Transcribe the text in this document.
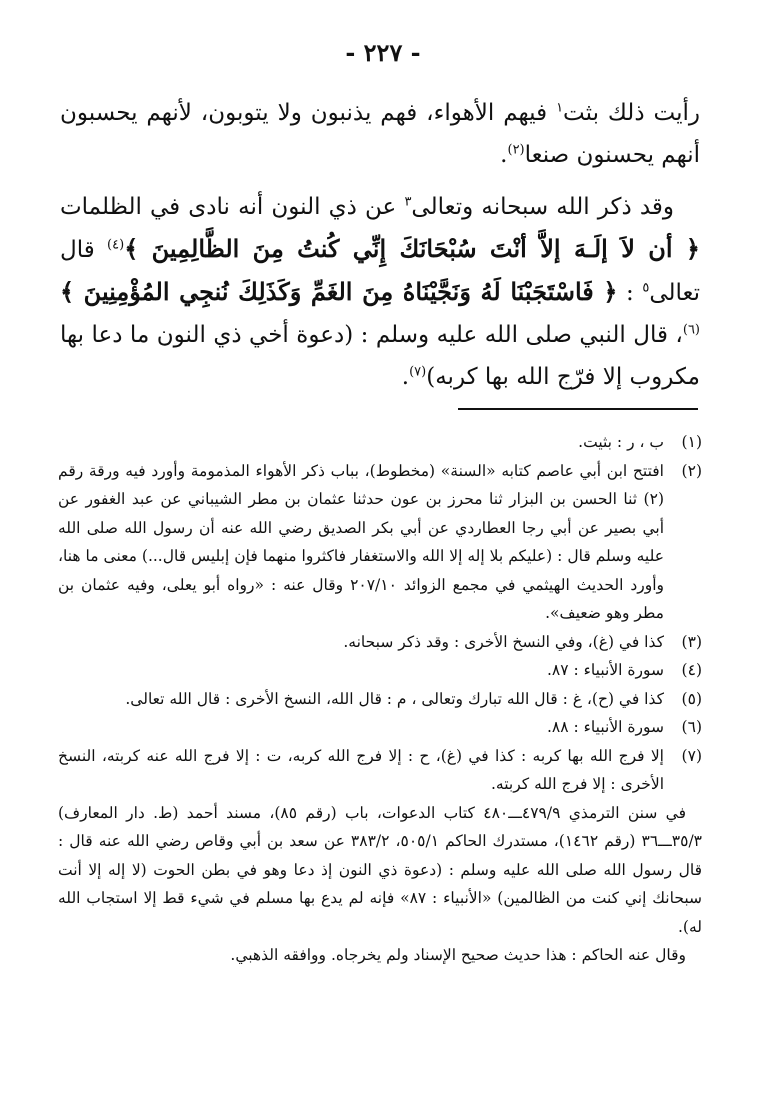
- ٢٢٧ -

رأيت ذلك بثت$^١$ فيهم الأهواء، فهم يذنبون ولا يتوبون، لأنهم يحسبون أنهم يحسنون صنعا$^{(٢)}$.

وقد ذكر الله سبحانه وتعالى$^٣$ عن ذي النون أنه نادى في الظلمات ﴿ أن لاَ إلَـهَ إلاَّ أنْتَ سُبْحَانَكَ إِنِّي كُنتُ مِنَ الظَّالِمِينَ ﴾$^{(٤)}$ قال تعالى$^٥$ : ﴿ فَاسْتَجَبْنَا لَهُ وَنَجَّيْنَاهُ مِنَ الغَمِّ وَكَذَلِكَ نُنجِي المُؤْمِنِينَ ﴾$^{(٦)}$، قال النبي صلى الله عليه وسلم : (دعوة أخي ذي النون ما دعا بها مكروب إلا فرّج الله بها كربه)$^{(٧)}$.

(١)
ب ، ر : بثيت.
(٢)
افتتح ابن أبي عاصم كتابه «السنة» (مخطوط)، بباب ذكر الأهواء المذمومة وأورد فيه ورقة رقم (٢) ثنا الحسن بن البزار ثنا محرز بن عون حدثنا عثمان بن مطر الشيباني عن عبد الغفور عن أبي بصير عن أبي رجا العطاردي عن أبي بكر الصديق رضي الله عنه أن رسول الله صلى الله عليه وسلم قال : (عليكم بلا إله إلا الله والاستغفار فاكثروا منهما فإن إبليس قال...) معنى ما هنا، وأورد الحديث الهيثمي في مجمع الزوائد ٢٠٧/١٠ وقال عنه : «رواه أبو يعلى، وفيه عثمان بن مطر وهو ضعيف».
(٣)
كذا في (غ)، وفي النسخ الأخرى : وقد ذكر سبحانه.
(٤)
سورة الأنبياء : ٨٧.
(٥)
كذا في (ح)، غ : قال الله تبارك وتعالى ، م : قال الله، النسخ الأخرى : قال الله تعالى.
(٦)
سورة الأنبياء : ٨٨.
(٧)
إلا فرج الله بها كربه : كذا في (غ)، ح : إلا فرج الله كربه، ت : إلا فرج الله عنه كربته، النسخ الأخرى : إلا فرج الله كربته.

في سنن الترمذي ٤٧٩/٩ـــ٤٨٠ كتاب الدعوات، باب (رقم ٨٥)، مسند أحمد (ط. دار المعارف) ٣٥/٣ـــ٣٦ (رقم ١٤٦٢)، مستدرك الحاكم ٥٠٥/١، ٣٨٣/٢ عن سعد بن أبي وقاص رضي الله عنه قال : قال رسول الله صلى الله عليه وسلم : (دعوة ذي النون إذ دعا وهو في بطن الحوت (لا إله إلا أنت سبحانك إني كنت من الظالمين) «الأنبياء : ٨٧» فإنه لم يدع بها مسلم في شيء قط إلا استجاب الله له).

وقال عنه الحاكم : هذا حديث صحيح الإسناد ولم يخرجاه. ووافقه الذهبي.
